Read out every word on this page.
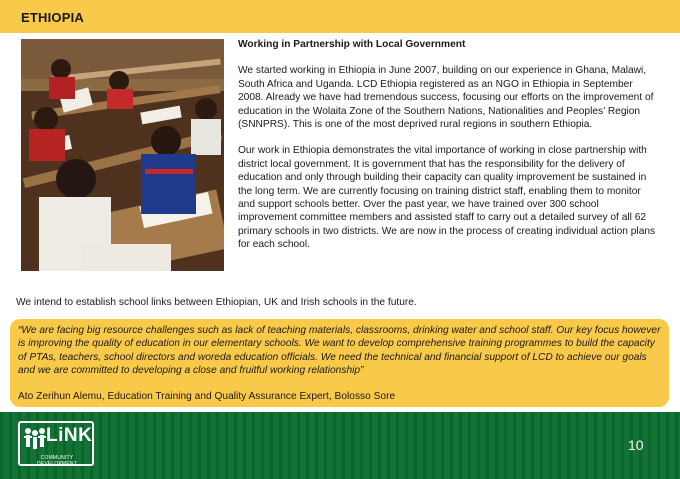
ETHIOPIA
Working in Partnership with Local Government

We started working in Ethiopia in June 2007, building on our experience in Ghana, Malawi, South Africa and Uganda. LCD Ethiopia registered as an NGO in Ethiopia in September 2008. Already we have had tremendous success, focusing our efforts on the improvement of education in the Wolaita Zone of the Southern Nations, Nationalities and Peoples’ Region (SNNPRS). This is one of the most deprived rural regions in southern Ethiopia.

Our work in Ethiopia demonstrates the vital importance of working in close partnership with district local government. It is government that has the responsibility for the delivery of education and only through building their capacity can quality improvement be sustained in the long term. We are currently focusing on training district staff, enabling them to monitor and support schools better. Over the past year, we have trained over 300 school improvement committee members and assisted staff to carry out a detailed survey of all 62 primary schools in two districts. We are now in the process of creating individual action plans for each school.

We intend to establish school links between Ethiopian, UK and Irish schools in the future.
“We are facing big resource challenges such as lack of teaching materials, classrooms, drinking water and school staff. Our key focus however is improving the quality of education in our elementary schools. We want to develop comprehensive training programmes to build the capacity of PTAs, teachers, school directors and woreda education officials. We need the technical and financial support of LCD to achieve our goals and we are committed to developing a close and fruitful working relationship”
Ato Zerihun Alemu, Education Training and Quality Assurance Expert, Bolosso Sore
LiNK
COMMUNITY DEVELOPMENT
10
